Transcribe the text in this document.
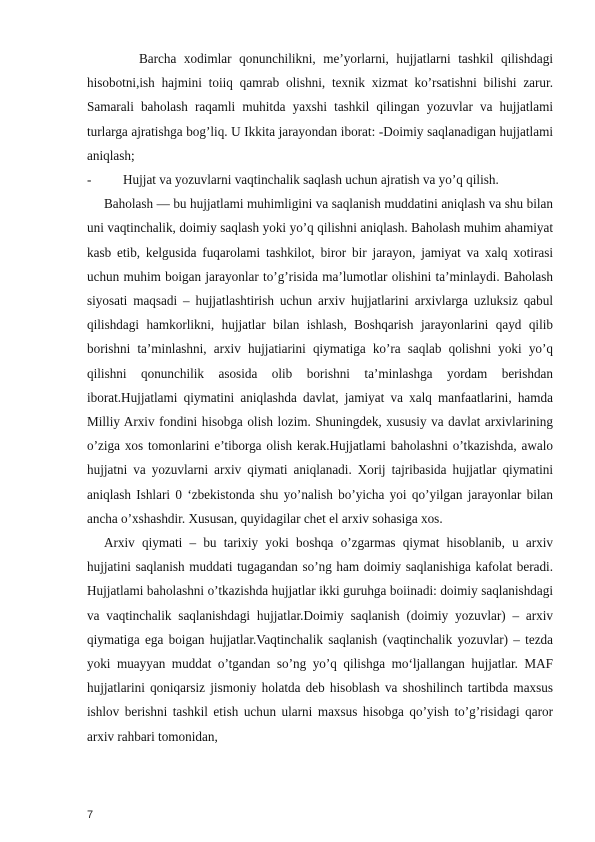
Barcha xodimlar qonunchilikni, me’yorlarni, hujjatlarni tashkil qilishdagi hisobotni,ish hajmini toiiq qamrab olishni, texnik xizmat ko’rsatishni bilishi zarur. Samarali baholash raqamli muhitda yaxshi tashkil qilingan yozuvlar va hujjatlami turlarga ajratishga bog’liq. U Ikkita jarayondan iborat: -Doimiy saqlanadigan hujjatlami aniqlash;

-	Hujjat va yozuvlarni vaqtinchalik saqlash uchun ajratish va yo’q qilish.

Baholash — bu hujjatlami muhimligini va saqlanish muddatini aniqlash va shu bilan uni vaqtinchalik, doimiy saqlash yoki yo’q qilishni aniqlash. Baholash muhim ahamiyat kasb etib, kelgusida fuqarolami tashkilot, biror bir jarayon, jamiyat va xalq xotirasi uchun muhim boigan jarayonlar to’g’risida ma’lumotlar olishini ta’minlaydi. Baholash siyosati maqsadi – hujjatlashtirish uchun arxiv hujjatlarini arxivlarga uzluksiz qabul qilishdagi hamkorlikni, hujjatlar bilan ishlash, Boshqarish jarayonlarini qayd qilib borishni ta’minlashni, arxiv hujjatiarini qiymatiga ko’ra saqlab qolishni yoki yo’q qilishni qonunchilik asosida olib borishni ta’minlashga yordam berishdan iborat.Hujjatlami qiymatini aniqlashda davlat, jamiyat va xalq manfaatlarini, hamda Milliy Arxiv fondini hisobga olish lozim. Shuningdek, xususiy va davlat arxivlarining o’ziga xos tomonlarini e’tiborga olish kerak.Hujjatlami baholashni o’tkazishda, awalo hujjatni va yozuvlarni arxiv qiymati aniqlanadi. Xorij tajribasida hujjatlar qiymatini aniqlash Ishlari 0 ‘zbekistonda shu yo’nalish bo’yicha yoi qo’yilgan jarayonlar bilan ancha o’xshashdir. Xususan, quyidagilar chet el arxiv sohasiga xos.

Arxiv qiymati – bu tarixiy yoki boshqa o’zgarmas qiymat hisoblanib, u arxiv hujjatini saqlanish muddati tugagandan so’ng ham doimiy saqlanishiga kafolat beradi. Hujjatlami baholashni o’tkazishda hujjatlar ikki guruhga boiinadi: doimiy saqlanishdagi va vaqtinchalik saqlanishdagi hujjatlar.Doimiy saqlanish (doimiy yozuvlar) – arxiv qiymatiga ega boigan hujjatlar.Vaqtinchalik saqlanish (vaqtinchalik yozuvlar) – tezda yoki muayyan muddat o’tgandan so’ng yo’q qilishga mo‘ljallangan hujjatlar. MAF hujjatlarini qoniqarsiz jismoniy holatda deb hisoblash va shoshilinch tartibda maxsus ishlov berishni tashkil etish uchun ularni maxsus hisobga qo’yish to’g’risidagi qaror arxiv rahbari tomonidan,

7
